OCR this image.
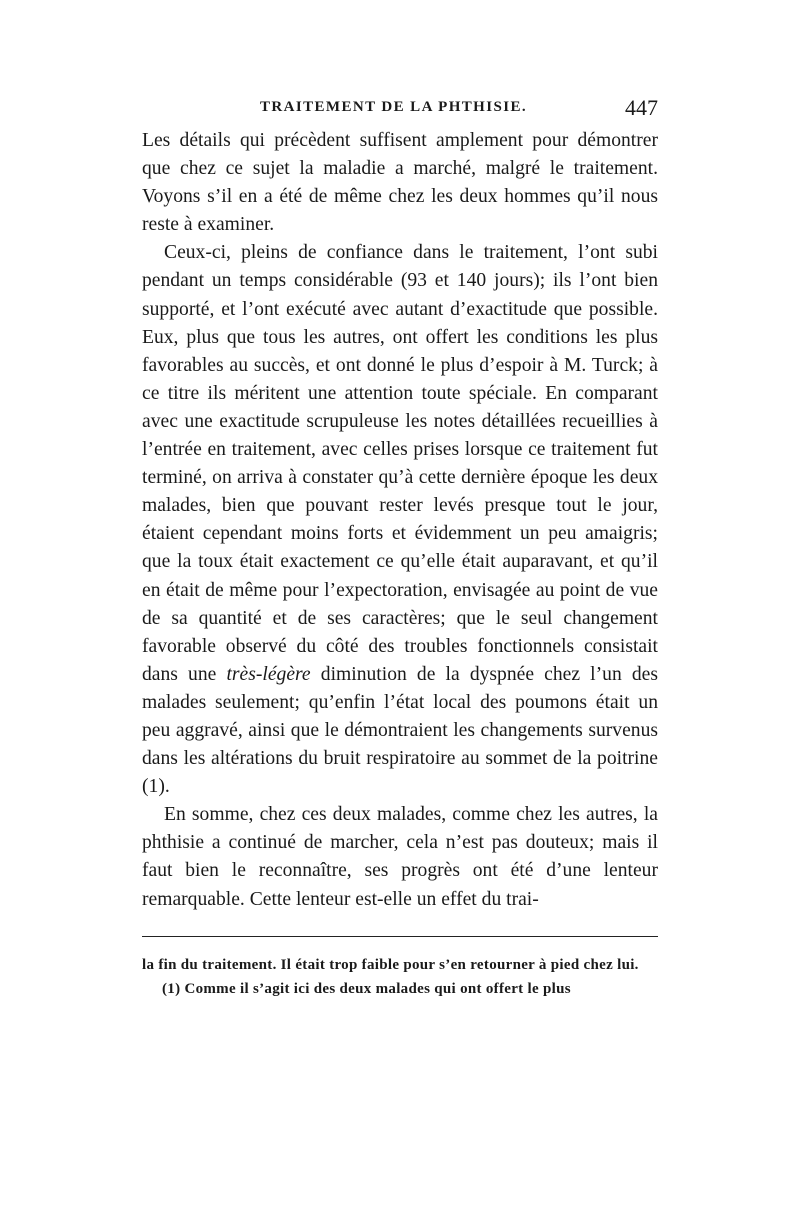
TRAITEMENT DE LA PHTHISIE.	447

Les détails qui précèdent suffisent amplement pour démontrer que chez ce sujet la maladie a marché, malgré le traitement. Voyons s’il en a été de même chez les deux hommes qu’il nous reste à examiner.

Ceux-ci, pleins de confiance dans le traitement, l’ont subi pendant un temps considérable (93 et 140 jours); ils l’ont bien supporté, et l’ont exécuté avec autant d’exactitude que possible. Eux, plus que tous les autres, ont offert les conditions les plus favorables au succès, et ont donné le plus d’espoir à M. Turck; à ce titre ils méritent une attention toute spéciale. En comparant avec une exactitude scrupuleuse les notes détaillées recueillies à l’entrée en traitement, avec celles prises lorsque ce traitement fut terminé, on arriva à constater qu’à cette dernière époque les deux malades, bien que pouvant rester levés presque tout le jour, étaient cependant moins forts et évidemment un peu amaigris; que la toux était exactement ce qu’elle était auparavant, et qu’il en était de même pour l’expectoration, envisagée au point de vue de sa quantité et de ses caractères; que le seul changement favorable observé du côté des troubles fonctionnels consistait dans une très-légère diminution de la dyspnée chez l’un des malades seulement; qu’enfin l’état local des poumons était un peu aggravé, ainsi que le démontraient les changements survenus dans les altérations du bruit respiratoire au sommet de la poitrine (1).

En somme, chez ces deux malades, comme chez les autres, la phthisie a continué de marcher, cela n’est pas douteux; mais il faut bien le reconnaître, ses progrès ont été d’une lenteur remarquable. Cette lenteur est-elle un effet du trai-

la fin du traitement. Il était trop faible pour s’en retourner à pied chez lui.

(1) Comme il s’agit ici des deux malades qui ont offert le plus
